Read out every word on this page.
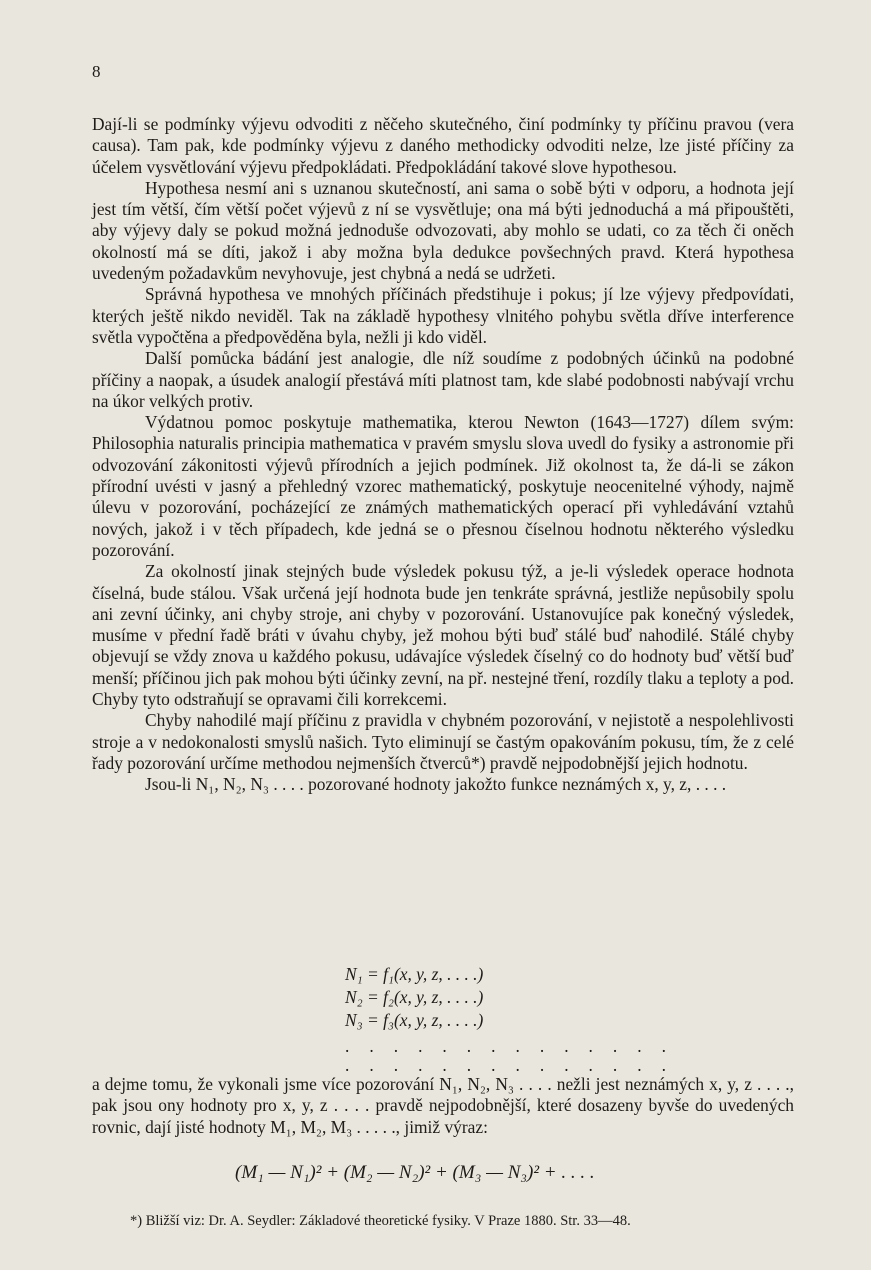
8

Dají-li se podmínky výjevu odvoditi z něčeho skutečného, činí podmínky ty příčinu pravou (vera causa). Tam pak, kde podmínky výjevu z daného methodicky odvoditi nelze, lze jisté příčiny za účelem vysvětlování výjevu předpokládati. Předpokládání takové slove hypothesou.

Hypothesa nesmí ani s uznanou skutečností, ani sama o sobě býti v odporu, a hodnota její jest tím větší, čím větší počet výjevů z ní se vysvětluje; ona má býti jednoduchá a má připouštěti, aby výjevy daly se pokud možná jednoduše odvozovati, aby mohlo se udati, co za těch či oněch okolností má se díti, jakož i aby možna byla dedukce povšechných pravd. Která hypothesa uvedeným požadavkům nevyhovuje, jest chybná a nedá se udržeti.

Správná hypothesa ve mnohých příčinách předstihuje i pokus; jí lze výjevy předpovídati, kterých ještě nikdo neviděl. Tak na základě hypothesy vlnitého pohybu světla dříve interference světla vypočtěna a předpověděna byla, nežli ji kdo viděl.

Další pomůcka bádání jest analogie, dle níž soudíme z podobných účinků na podobné příčiny a naopak, a úsudek analogií přestává míti platnost tam, kde slabé podobnosti nabývají vrchu na úkor velkých protiv.

Výdatnou pomoc poskytuje mathematika, kterou Newton (1643—1727) dílem svým: Philosophia naturalis principia mathematica v pravém smyslu slova uvedl do fysiky a astronomie při odvozování zákonitosti výjevů přírodních a jejich podmínek. Již okolnost ta, že dá-li se zákon přírodní uvésti v jasný a přehledný vzorec mathematický, poskytuje neocenitelné výhody, najmě úlevu v pozorování, pocházející ze známých mathematických operací při vyhledávání vztahů nových, jakož i v těch případech, kde jedná se o přesnou číselnou hodnotu některého výsledku pozorování.

Za okolností jinak stejných bude výsledek pokusu týž, a je-li výsledek operace hodnota číselná, bude stálou. Však určená její hodnota bude jen tenkráte správná, jestliže nepůsobily spolu ani zevní účinky, ani chyby stroje, ani chyby v pozorování. Ustanovujíce pak konečný výsledek, musíme v přední řadě bráti v úvahu chyby, jež mohou býti buď stálé buď nahodilé. Stálé chyby objevují se vždy znova u každého pokusu, udávajíce výsledek číselný co do hodnoty buď větší buď menší; příčinou jich pak mohou býti účinky zevní, na př. nestejné tření, rozdíly tlaku a teploty a pod. Chyby tyto odstraňují se opravami čili korrekcemi.

Chyby nahodilé mají příčinu z pravidla v chybném pozorování, v nejistotě a nespolehlivosti stroje a v nedokonalosti smyslů našich. Tyto eliminují se častým opakováním pokusu, tím, že z celé řady pozorování určíme methodou nejmenších čtverců*) pravdě nejpodobnější jejich hodnotu.

Jsou-li N₁, N₂, N₃ . . . . pozorované hodnoty jakožto funkce neznámých x, y, z, . . . .

N₁ = f₁(x, y, z, . . . .)
N₂ = f₂(x, y, z, . . . .)
N₃ = f₃(x, y, z, . . . .)
. . . . . . . . . . . . . .
. . . . . . . . . . . . . .

a dejme tomu, že vykonali jsme více pozorování N₁, N₂, N₃ . . . . nežli jest neznámých x, y, z . . . ., pak jsou ony hodnoty pro x, y, z . . . . pravdě nejpodobnější, které dosazeny byvše do uvedených rovnic, dají jisté hodnoty M₁, M₂, M₃ . . . . ., jimiž výraz:

(M₁ — N₁)² + (M₂ — N₂)² + (M₃ — N₃)² + . . . .
*) Bližší viz: Dr. A. Seydler: Základové theoretické fysiky. V Praze 1880. Str. 33—48.
